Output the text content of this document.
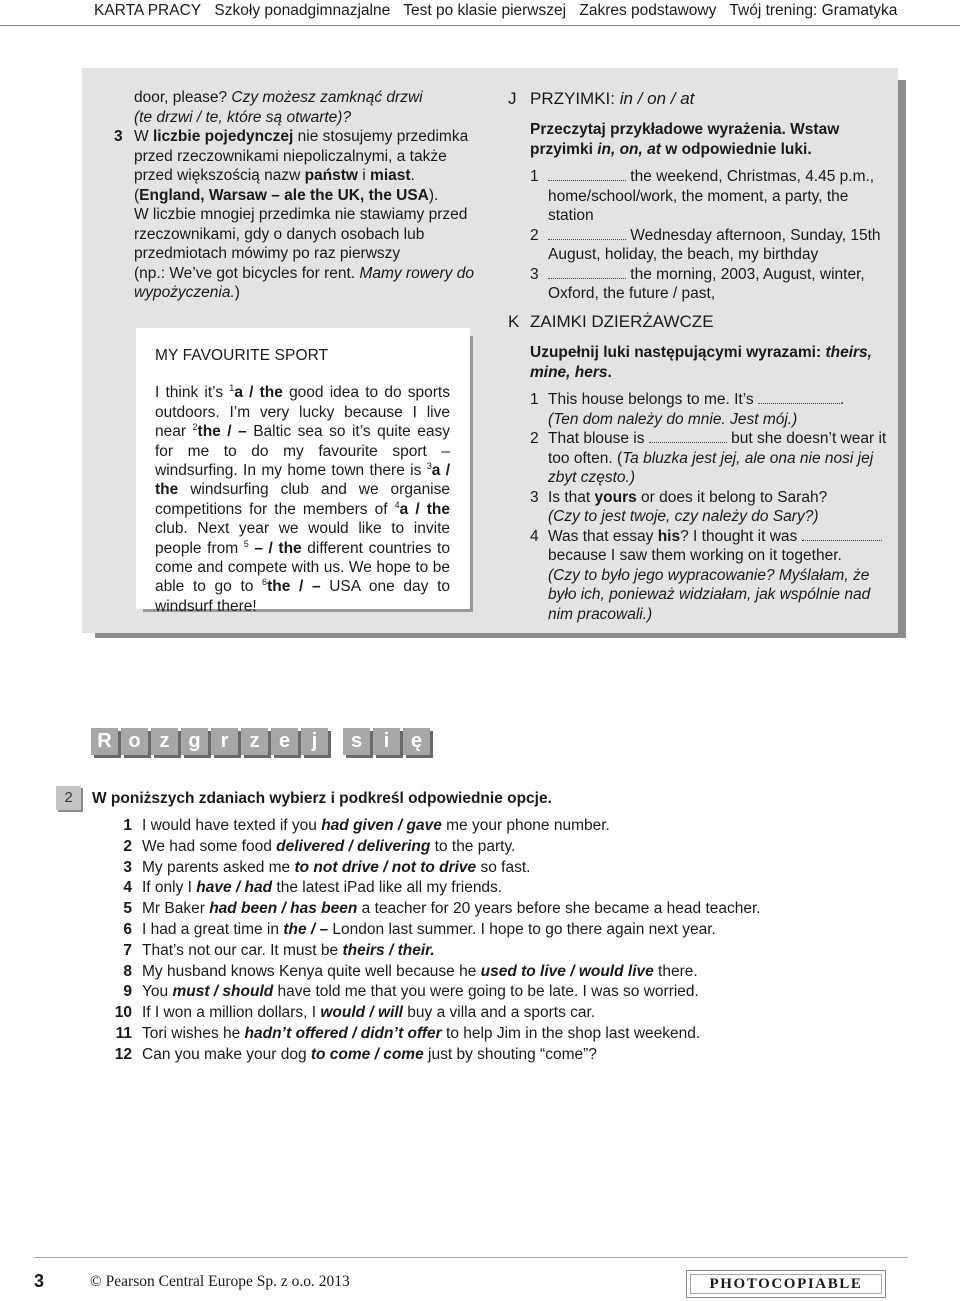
KARTA PRACY Szkoły ponadgimnazjalne Test po klasie pierwszej Zakres podstawowy Twój trening: Gramatyka

door, please? Czy możesz zamknąć drzwi

(te drzwi / te, które są otwarte)?

3 W liczbie pojedynczej nie stosujemy przedimka przed rzeczownikami niepoliczalnymi, a także przed większością nazw państw i miast. (England, Warsaw – ale the UK, the USA).

W liczbie mnogiej przedimka nie stawiamy przed rzeczownikami, gdy o danych osobach lub przedmiotach mówimy po raz pierwszy

(np.: We’ve got bicycles for rent. Mamy rowery do wypożyczenia.)

MY FAVOURITE SPORT

I think it’s $^1$a / the good idea to do sports outdoors. I’m very lucky because I live near $^2$the / – Baltic sea so it’s quite easy for me to do my favourite sport – windsurfing. In my home town there is $^3$a / the windsurfing club and we organise competitions for the members of $^4$a / the club. Next year we would like to invite people from $^5$ – / the different countries to come and compete with us. We hope to be able to go to $^6$the / – USA one day to windsurf there!

J PRZYIMKI: in / on / at
Przeczytaj przykładowe wyrażenia. Wstaw przyimki in, on, at w odpowiednie luki.
1	the weekend, Christmas, 4.45 p.m., home/school/work, the moment, a party, the station
2	Wednesday afternoon, Sunday, 15th August, holiday, the beach, my birthday
3	the morning, 2003, August, winter, Oxford, the future / past,
K ZAIMKI DZIERŻAWCZE
Uzupełnij luki następującymi wyrazami: theirs, mine, hers.
1 This house belongs to me. It’s	.
(Ten dom należy do mnie. Jest mój.)
2 That blouse is	but she doesn’t wear it too often. (Ta bluzka jest jej, ale ona nie nosi jej zbyt często.)
3 Is that yours or does it belong to Sarah?
(Czy to jest twoje, czy należy do Sary?)
4 Was that essay his? I thought it was
because I saw them working on it together.
(Czy to było jego wypracowanie? Myślałam, że było ich, ponieważ widziałam, jak wspólnie nad nim pracowali.)
R o z g r	z e	j	s	i	ę
2	W poniższych zdaniach wybierz i podkreśl odpowiednie opcje.
1 I would have texted if you had given / gave me your phone number.
2 We had some food delivered / delivering to the party.
3 My parents asked me to not drive / not to drive so fast.
4 If only I have / had the latest iPad like all my friends.
5 Mr Baker had been / has been a teacher for 20 years before she became a head teacher.
6 I had a great time in the / – London last summer. I hope to go there again next year.
7 That’s not our car. It must be theirs / their.
8 My husband knows Kenya quite well because he used to live / would live there.
9 You must / should have told me that you were going to be late. I was so worried.
10 If I won a million dollars, I would / will buy a villa and a sports car.
11 Tori wishes he hadn’t offered / didn’t offer to help Jim in the shop last weekend.
12 Can you make your dog to come / come just by shouting “come”?
3	© Pearson Central Europe Sp. z o.o. 2013	PHOTOCOPIABLE
